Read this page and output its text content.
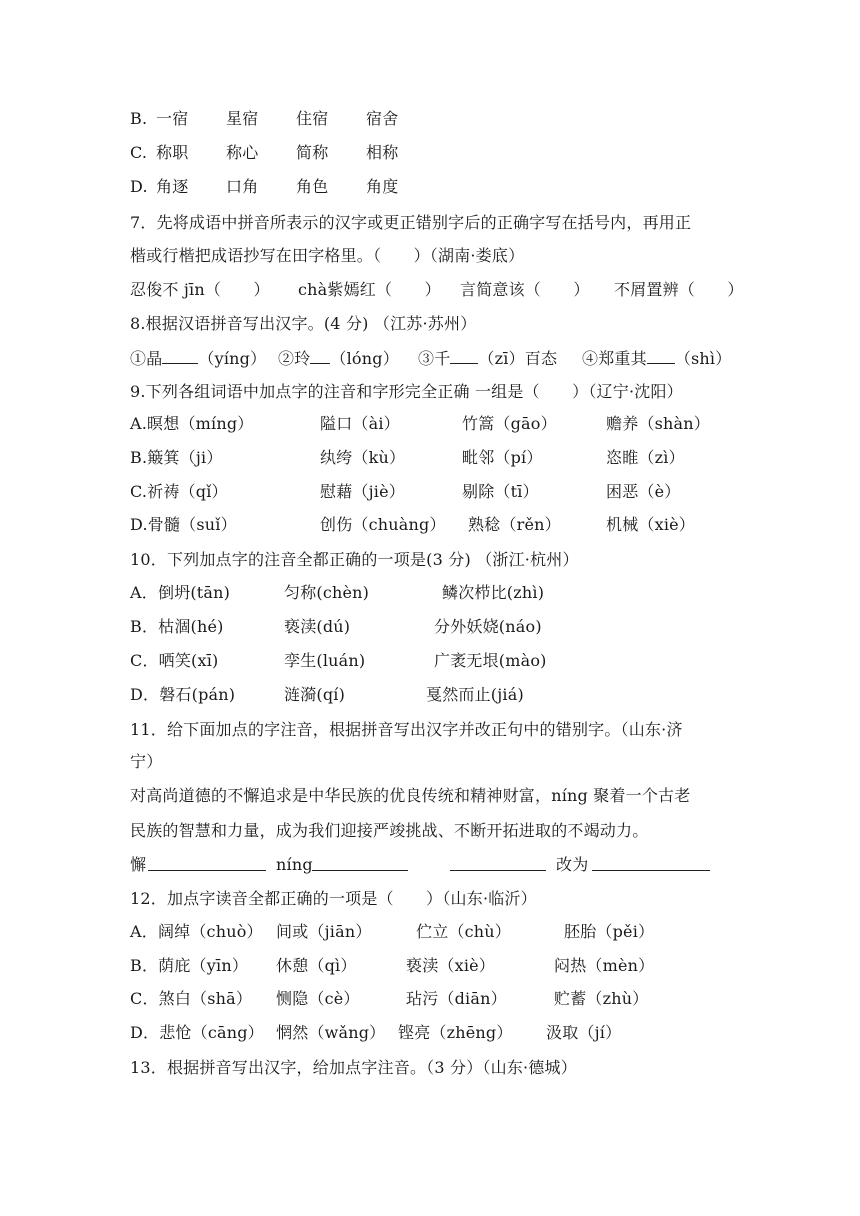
B. 一宿 星宿 住宿 宿舍
C. 称职 称心 简称 相称
D. 角逐 口角 角色 角度
7．先将成语中拼音所表示的汉字或更正错别字后的正确字写在括号内，再用正
楷或行楷把成语抄写在田字格里。（　　）（湖南·娄底）
忍俊不 jīn（　　） chà紫嫣红（　　） 言简意该（　　） 不屑置辨（　　）
8.根据汉语拼音写出汉字。(4 分) （江苏·苏州）
①晶 （yíng） ②玲 （lóng） ③千 （zī）百态 ④郑重其 （shì）
9.下列各组词语中加点字的注音和字形完全正确 一组是（　　）（辽宁·沈阳）
A.暝想（míng）	隘口（ài）	竹篙（gāo）	赡养（shàn）
B.簸箕（ji）	纨绔（kù）	毗邻（pí）	恣睢（zì）
C.祈祷（qǐ）	慰藉（jiè）	剔除（tī）	困恶（è）
D.骨髓（suǐ）	创伤（chuàng） 熟稔（rěn）	机械（xiè）
10．下列加点字的注音全都正确的一项是(3 分) （浙江·杭州）
A．倒坍(tān)	匀称(chèn)	鳞次栉比(zhì)
B．枯涸(hé)	亵渎(dú)	分外妖娆(náo)
C．哂笑(xī)	孪生(luán)	广袤无垠(mào)
D．磐石(pán)	涟漪(qí)	戛然而止(jiá)
11．给下面加点的字注音，根据拼音写出汉字并改正句中的错别字。（山东·济
宁）
对高尚道德的不懈追求是中华民族的优良传统和精神财富，níng 聚着一个古老
民族的智慧和力量，成为我们迎接严竣挑战、不断开拓进取的不竭动力。
懈	níng	改为
12．加点字读音全都正确的一项是（　　）（山东·临沂）
A．阔绰（chuò） 间或（jiān）	伫立（chù）	胚胎（pěi）
B．荫庇（yīn） 休憩（qì）	亵渎（xiè）	闷热（mèn）
C．煞白（shā） 恻隐（cè）	玷污（diān）	贮蓄（zhù）
D．悲怆（cāng） 惘然（wǎng） 铿亮（zhēng） 汲取（jí）
13．根据拼音写出汉字，给加点字注音。（3 分）（山东·德城）
